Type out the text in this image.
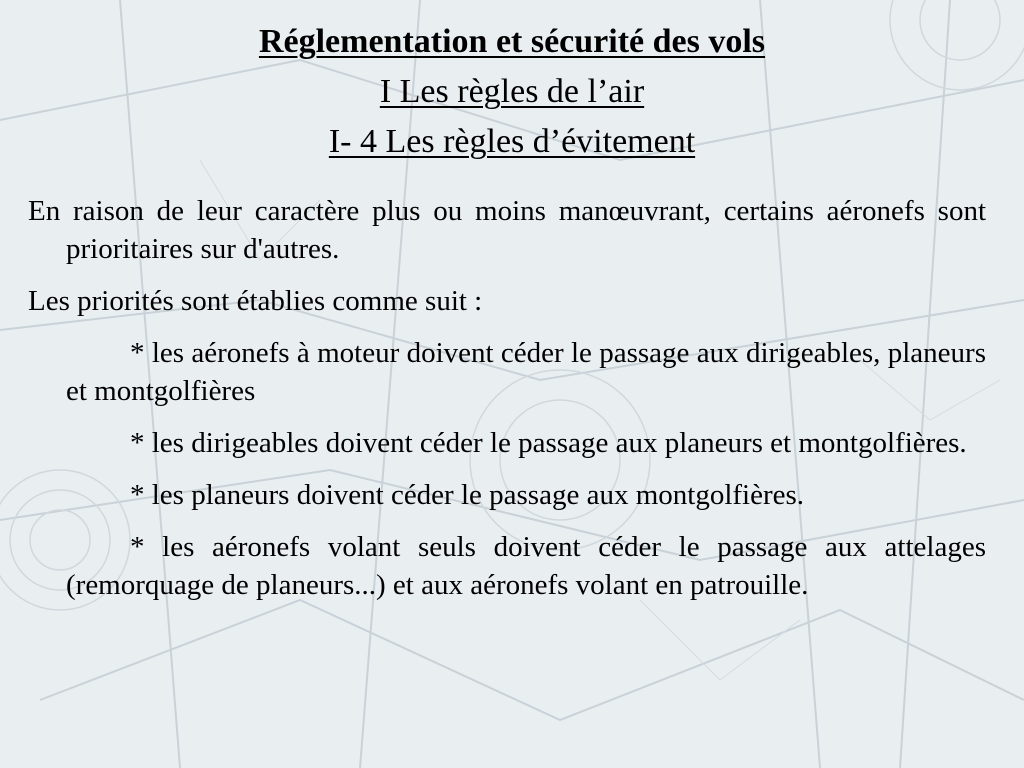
Réglementation et sécurité des vols
I Les règles de l’air
I- 4 Les règles d’évitement

En raison de leur caractère plus ou moins manœuvrant, certains aéronefs sont prioritaires sur d'autres.

Les priorités sont établies comme suit :

* les aéronefs à moteur doivent céder le passage aux dirigeables, planeurs et montgolfières

* les dirigeables doivent céder le passage aux planeurs et montgolfières.

* les planeurs doivent céder le passage aux montgolfières.

* les aéronefs volant seuls doivent céder le passage aux attelages (remorquage de planeurs...) et aux aéronefs volant en patrouille.
